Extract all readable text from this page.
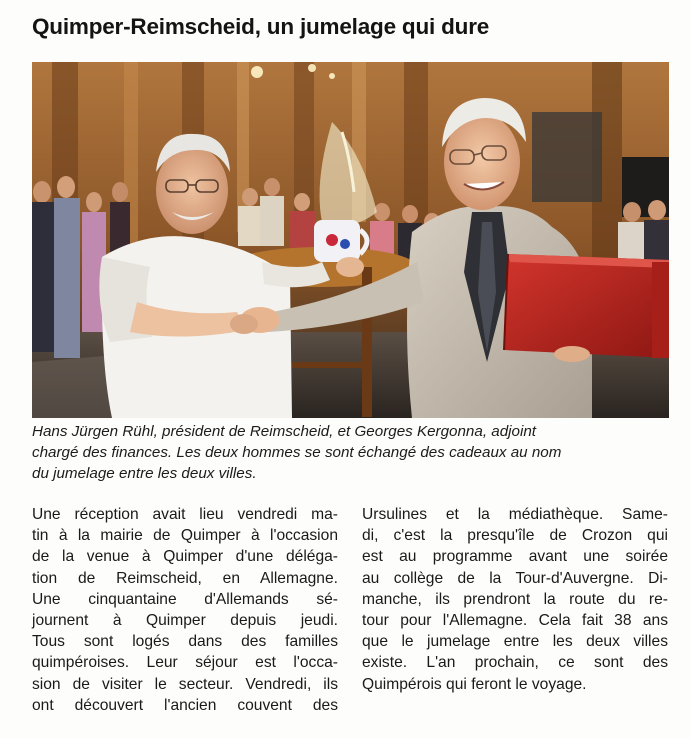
Quimper-Reimscheid, un jumelage qui dure

Hans Jürgen Rühl, président de Reimscheid, et Georges Kergonna, adjoint
chargé des finances. Les deux hommes se sont échangé des cadeaux au nom
du jumelage entre les deux villes.

Une réception avait lieu vendredi ma-
tin à la mairie de Quimper à l'occasion
de la venue à Quimper d'une déléga-
tion de Reimscheid, en Allemagne.
Une cinquantaine d'Allemands sé-
journent à Quimper depuis jeudi.
Tous sont logés dans des familles
quimpéroises. Leur séjour est l'occa-
sion de visiter le secteur. Vendredi, ils
ont découvert l'ancien couvent des
Ursulines et la médiathèque. Same-
di, c'est la presqu'île de Crozon qui
est au programme avant une soirée
au collège de la Tour-d'Auvergne. Di-
manche, ils prendront la route du re-
tour pour l'Allemagne. Cela fait 38 ans
que le jumelage entre les deux villes
existe. L'an prochain, ce sont des
Quimpérois qui feront le voyage.
